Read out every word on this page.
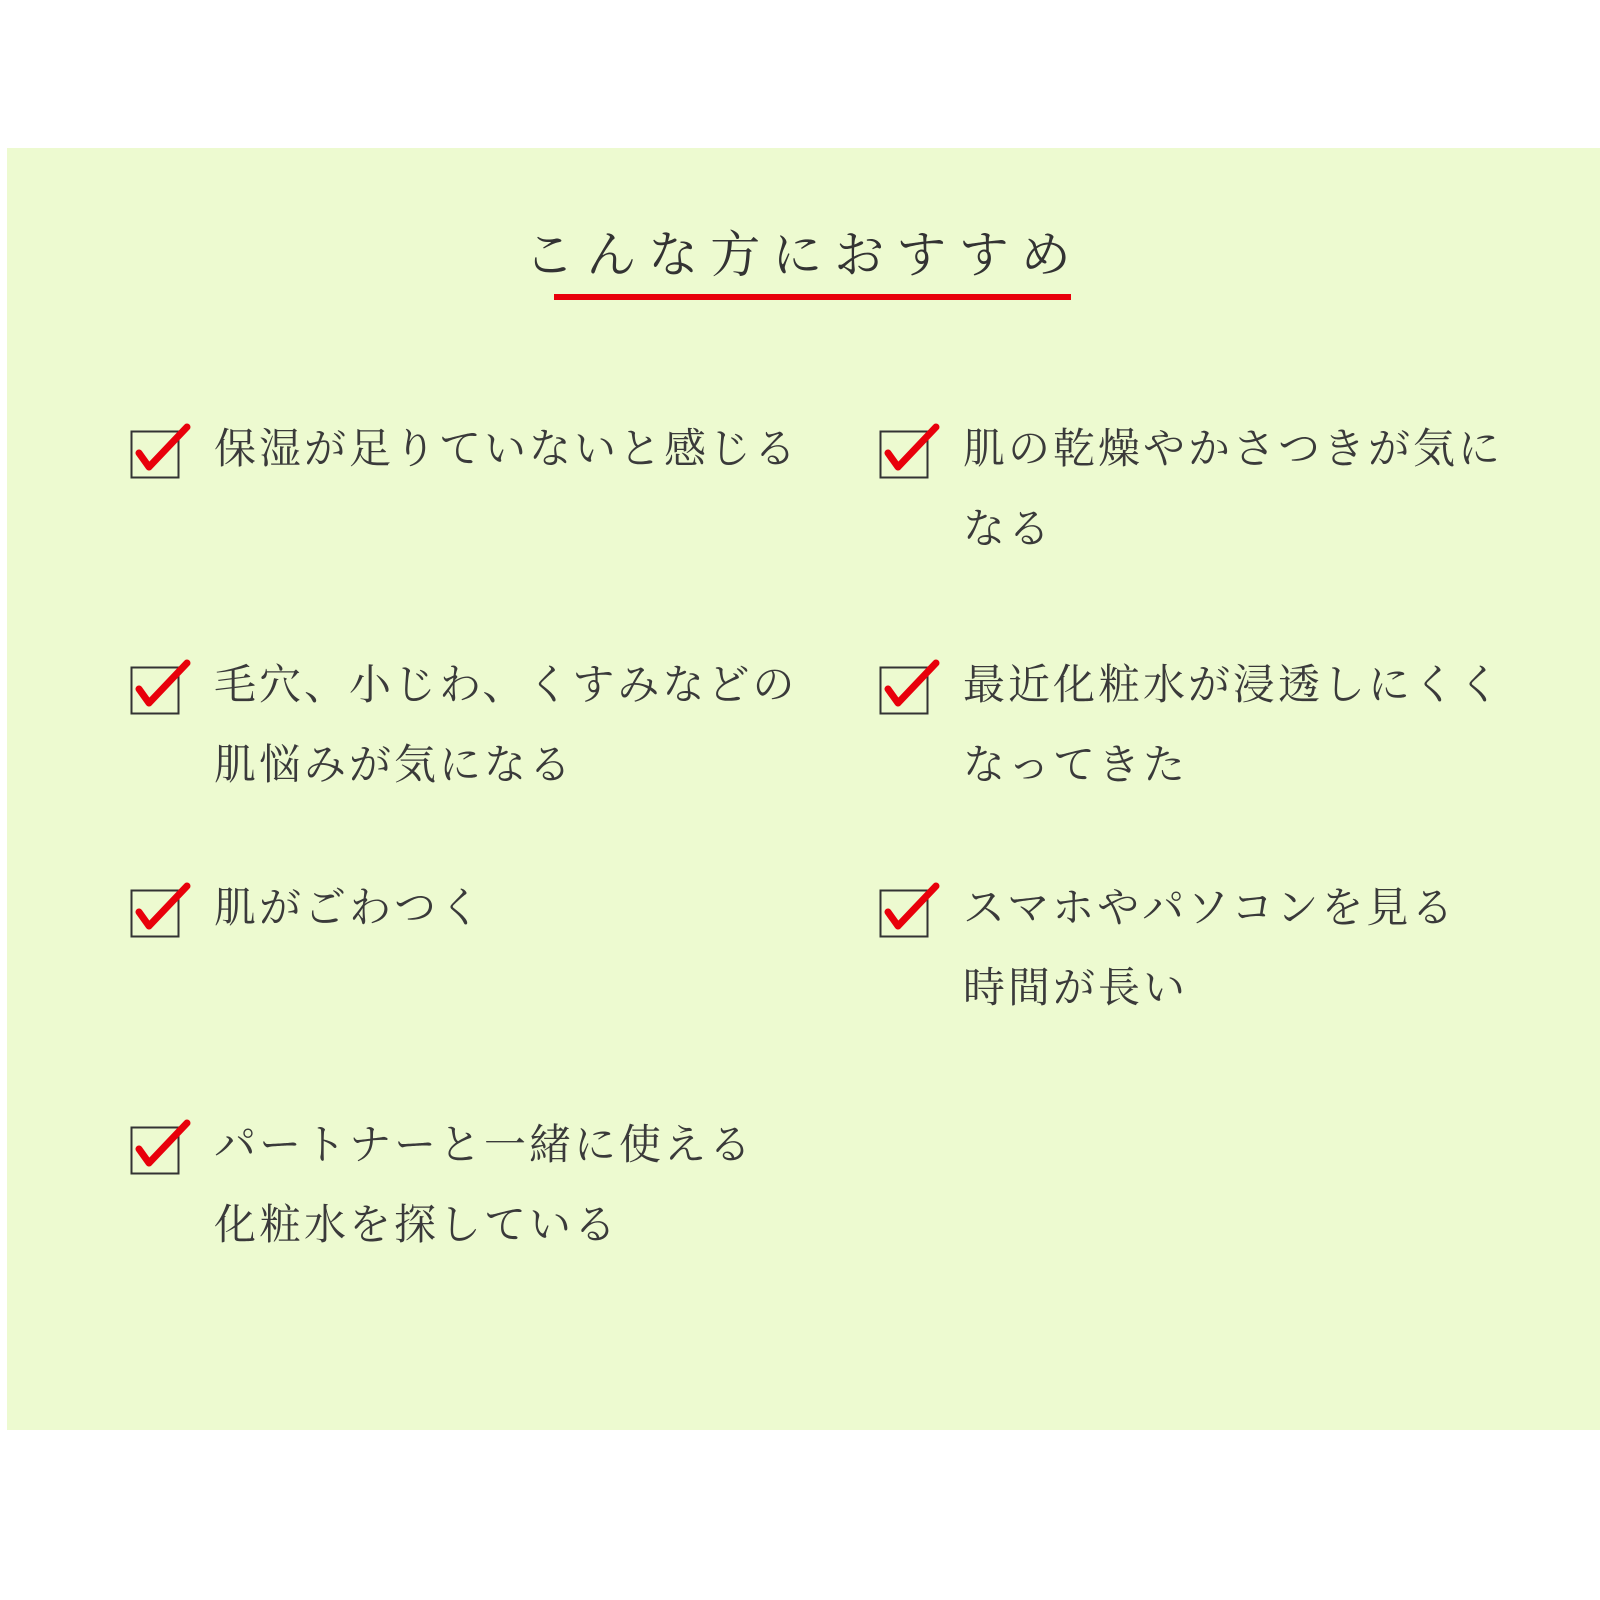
こんな方におすすめ
保湿が足りていないと感じる	肌の乾燥やかさつきが気に
なる
毛穴、小じわ、くすみなどの
肌悩みが気になる
最近化粧水が浸透しにくく
なってきた
肌がごわつく	スマホやパソコンを見る
時間が長い
パートナーと一緒に使える
化粧水を探している
